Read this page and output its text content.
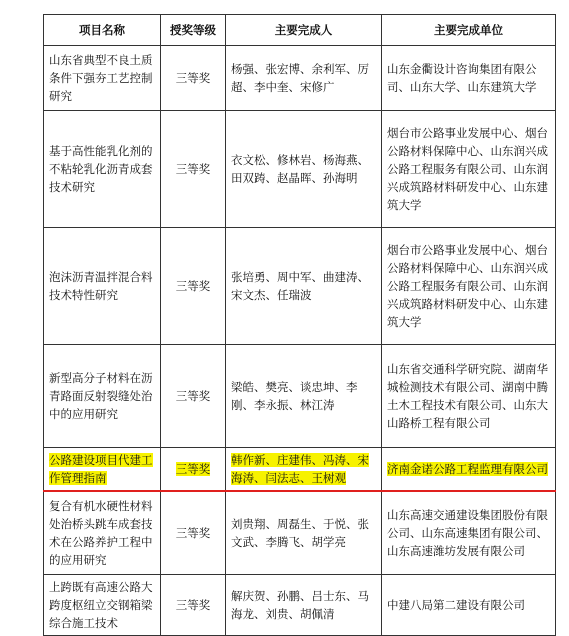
项目名称	授奖等级	主要完成人	主要完成单位
山东省典型不良土质条件下强夯工艺控制研究	三等奖	杨强、张宏博、余利军、厉超、李中奎、宋修广	山东金衢设计咨询集团有限公司、山东大学、山东建筑大学
基于高性能乳化剂的不粘轮乳化沥青成套技术研究	三等奖	衣文松、修林岩、杨海燕、田双踌、赵晶晖、孙海明	烟台市公路事业发展中心、烟台公路材料保障中心、山东润兴成公路工程服务有限公司、山东润兴成筑路材料研发中心、山东建筑大学
泡沫沥青温拌混合料技术特性研究	三等奖	张培勇、周中军、曲建涛、宋文杰、任瑞波	烟台市公路事业发展中心、烟台公路材料保障中心、山东润兴成公路工程服务有限公司、山东润兴成筑路材料研发中心、山东建筑大学
新型高分子材料在沥青路面反射裂缝处治中的应用研究	三等奖	梁皓、樊亮、谈忠坤、李刚、李永振、林江涛	山东省交通科学研究院、湖南华城检测技术有限公司、湖南中腾土木工程技术有限公司、山东大山路桥工程有限公司
公路建设项目代建工作管理指南	三等奖	韩作新、庄建伟、冯涛、宋海涛、闫法志、王树观	济南金诺公路工程监理有限公司
复合有机水硬性材料处治桥头跳车成套技术在公路养护工程中的应用研究	三等奖	刘贵翔、周磊生、于悦、张文武、李腾飞、胡学亮	山东高速交通建设集团股份有限公司、山东高速集团有限公司、山东高速潍坊发展有限公司
上跨既有高速公路大跨度枢纽立交钢箱梁综合施工技术	三等奖	解庆贺、孙鹏、吕士东、马海龙、刘贵、胡佩清	中建八局第二建设有限公司
